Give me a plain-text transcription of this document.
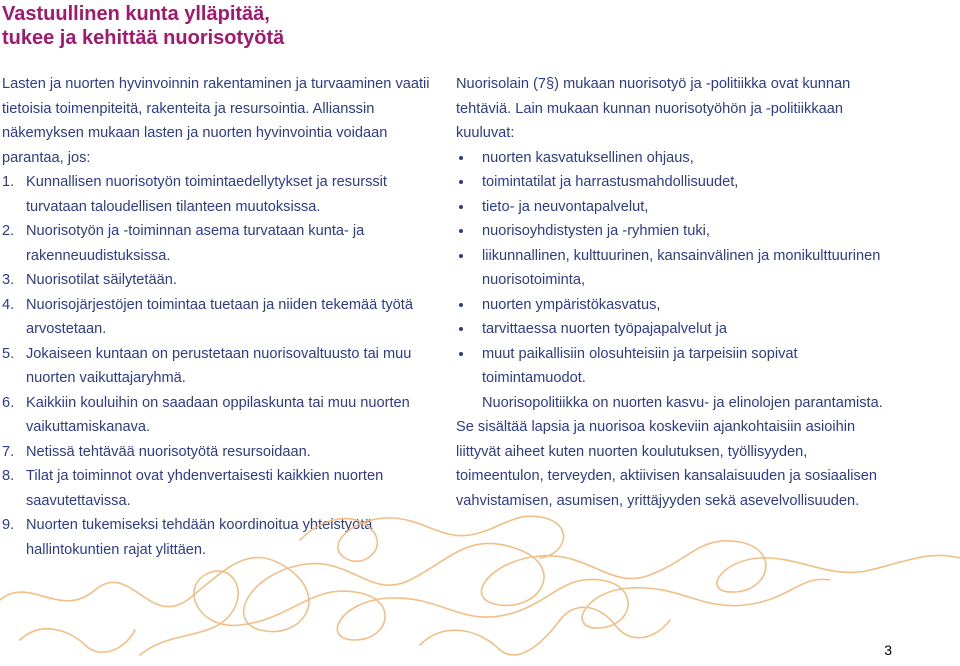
Vastuullinen kunta ylläpitää,
tukee ja kehittää nuorisotyötä

Lasten ja nuorten hyvinvoinnin rakentaminen ja turvaaminen vaatii tietoisia toimenpiteitä, rakenteita ja resursointia. Allianssin näkemyksen mukaan lasten ja nuorten hyvinvointia voidaan parantaa, jos:

1. Kunnallisen nuorisotyön toimintaedellytykset ja resurssit turvataan taloudellisen tilanteen muutoksissa.
2. Nuorisotyön ja -toiminnan asema turvataan kunta- ja rakenneuudistuksissa.
3. Nuorisotilat säilytetään.
4. Nuorisojärjestöjen toimintaa tuetaan ja niiden tekemää työtä arvostetaan.
5. Jokaiseen kuntaan on perustetaan nuorisovaltuusto tai muu nuorten vaikuttajaryhmä.
6. Kaikkiin kouluihin on saadaan oppilaskunta tai muu nuorten vaikuttamiskanava.
7. Netissä tehtävää nuorisotyötä resursoidaan.
8. Tilat ja toiminnot ovat yhdenvertaisesti kaikkien nuorten saavutettavissa.
9. Nuorten tukemiseksi tehdään koordinoitua yhteistyötä hallintokuntien rajat ylittäen.

Nuorisolain (7§) mukaan nuorisotyö ja -politiikka ovat kunnan tehtäviä. Lain mukaan kunnan nuorisotyöhön ja -politiikkaan kuuluvat:

nuorten kasvatuksellinen ohjaus,
toimintatilat ja harrastusmahdollisuudet,
tieto- ja neuvontapalvelut,
nuorisoyhdistysten ja -ryhmien tuki,
liikunnallinen, kulttuurinen, kansainvälinen ja monikulttuurinen nuorisotoiminta,
nuorten ympäristökasvatus,
tarvittaessa nuorten työpajapalvelut ja
muut paikallisiin olosuhteisiin ja tarpeisiin sopivat toimintamuodot.

Nuorisopolitiikka on nuorten kasvu- ja elinolojen parantamista. Se sisältää lapsia ja nuorisoa koskeviin ajankohtaisiin asioihin liittyvät aiheet kuten nuorten koulutuksen, työllisyyden, toimeentulon, terveyden, aktiivisen kansalaisuuden ja sosiaalisen vahvistamisen, asumisen, yrittäjyyden sekä asevelvollisuuden.

3
